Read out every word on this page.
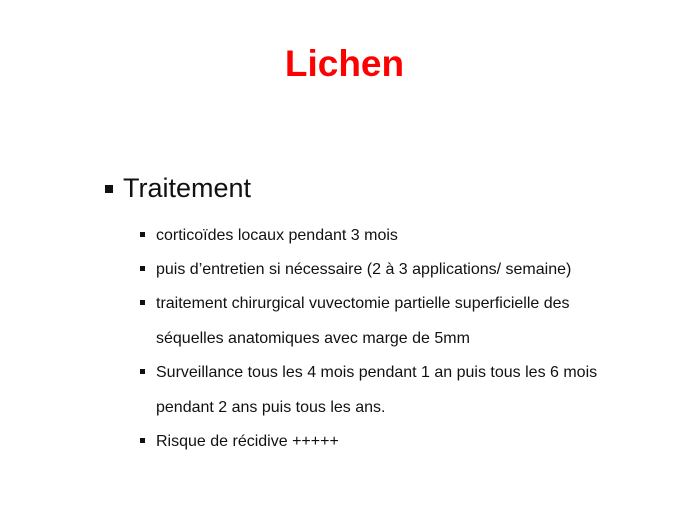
Lichen
Traitement
corticoïdes locaux pendant 3 mois
puis d’entretien si nécessaire (2 à 3 applications/ semaine)
traitement chirurgical vuvectomie partielle superficielle des séquelles anatomiques avec marge de 5mm
Surveillance tous les 4 mois pendant 1 an puis tous les 6 mois pendant 2 ans puis tous les ans.
Risque de récidive +++++
